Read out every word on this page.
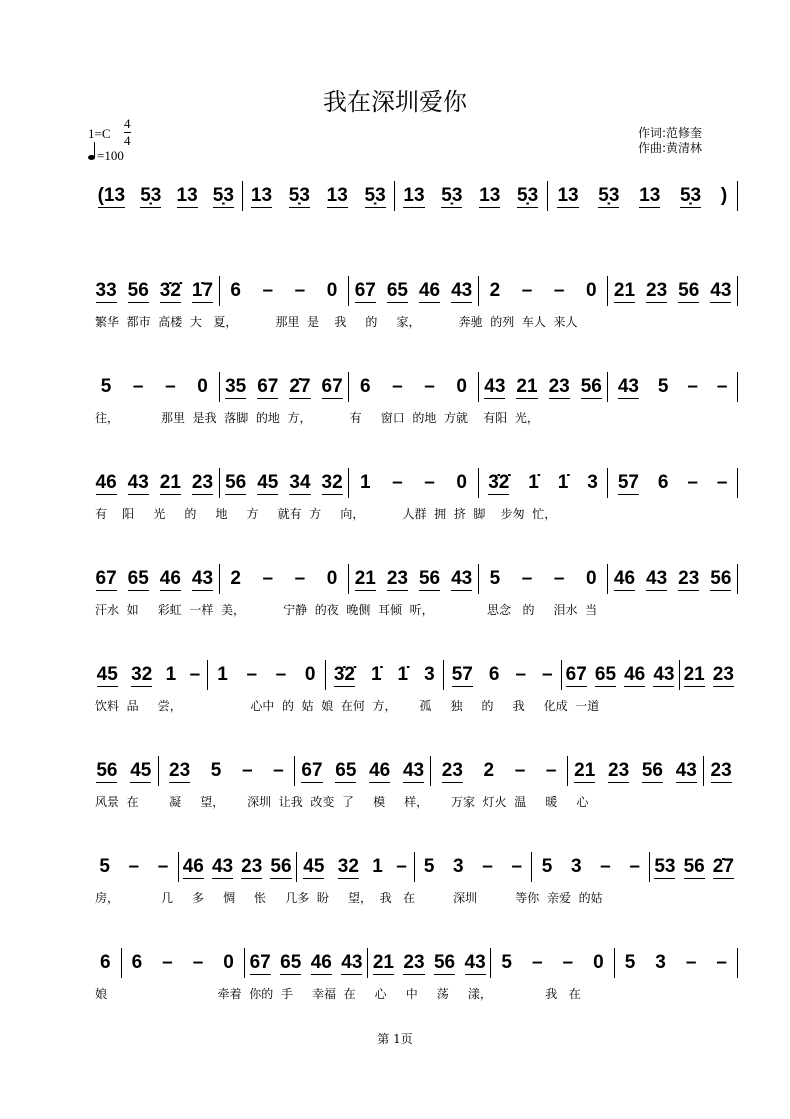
我在深圳爱你
$1=C \frac{4}{4}$
=100
作词:范修奎
作曲:黄清林
(13 5̣3 13 5̣3 13 5̣3 13 5̣3 13 5̣3 13 5̣3 13 5̣3 13 5̣3 )
33 56 3̇2̇ 1̇7 6 – – 0 67 65 46 43 2 – – 0 21 23 56 43
繁华  都市  高楼  大   夏，          那里  是    我     的     家，          奔驰  的列  车人  来人
5 – – 0 35 67 2̇7 67 6 – – 0 43 21 23 56 43 5 – –
往，           那里  是我  落脚  的地  方，          有     窗口  的地  方就    有阳  光，
46 43 21 23 56 45 34 32 1 – – 0 3̇2̇ 1̇ 1̇ 3 57 6 – –
有    阳     光     的     地     方     就有  方     向，          人群  拥  挤  脚    步匆  忙，
67 65 46 43 2 – – 0 21 23 56 43 5 – – 0 46 43 23 56
汗水  如     彩虹  一样  美，          宁静  的夜  晚侧  耳倾  听，              思念   的     泪水  当
45 32 1 – 1 – – 0 3̇2̇ 1̇ 1̇ 3 57 6 – – 67 65 46 43 21 23
饮料  品     尝，                  心中  的  姑  娘  在何  方，      孤     独     的     我     化成  一道
56 45 23 5 – – 67 65 46 43 23 2 – – 21 23 56 43 23
风景  在        凝     望，      深圳  让我  改变  了     模     样，      万家  灯火  温     暖     心
5 – – 46 43 23 56 45 32 1 – 5 3 – – 5 3 – – 53 56 2̇7
房，           几     多     惆     怅     几多  盼     望，  我   在          深圳          等你  亲爱  的姑
6 6 – – 0 67 65 46 43 21 23 56 43 5 – – 0 5 3 – –
娘                             牵着  你的  手     幸福  在     心     中     荡     漾，              我   在
第 1页
